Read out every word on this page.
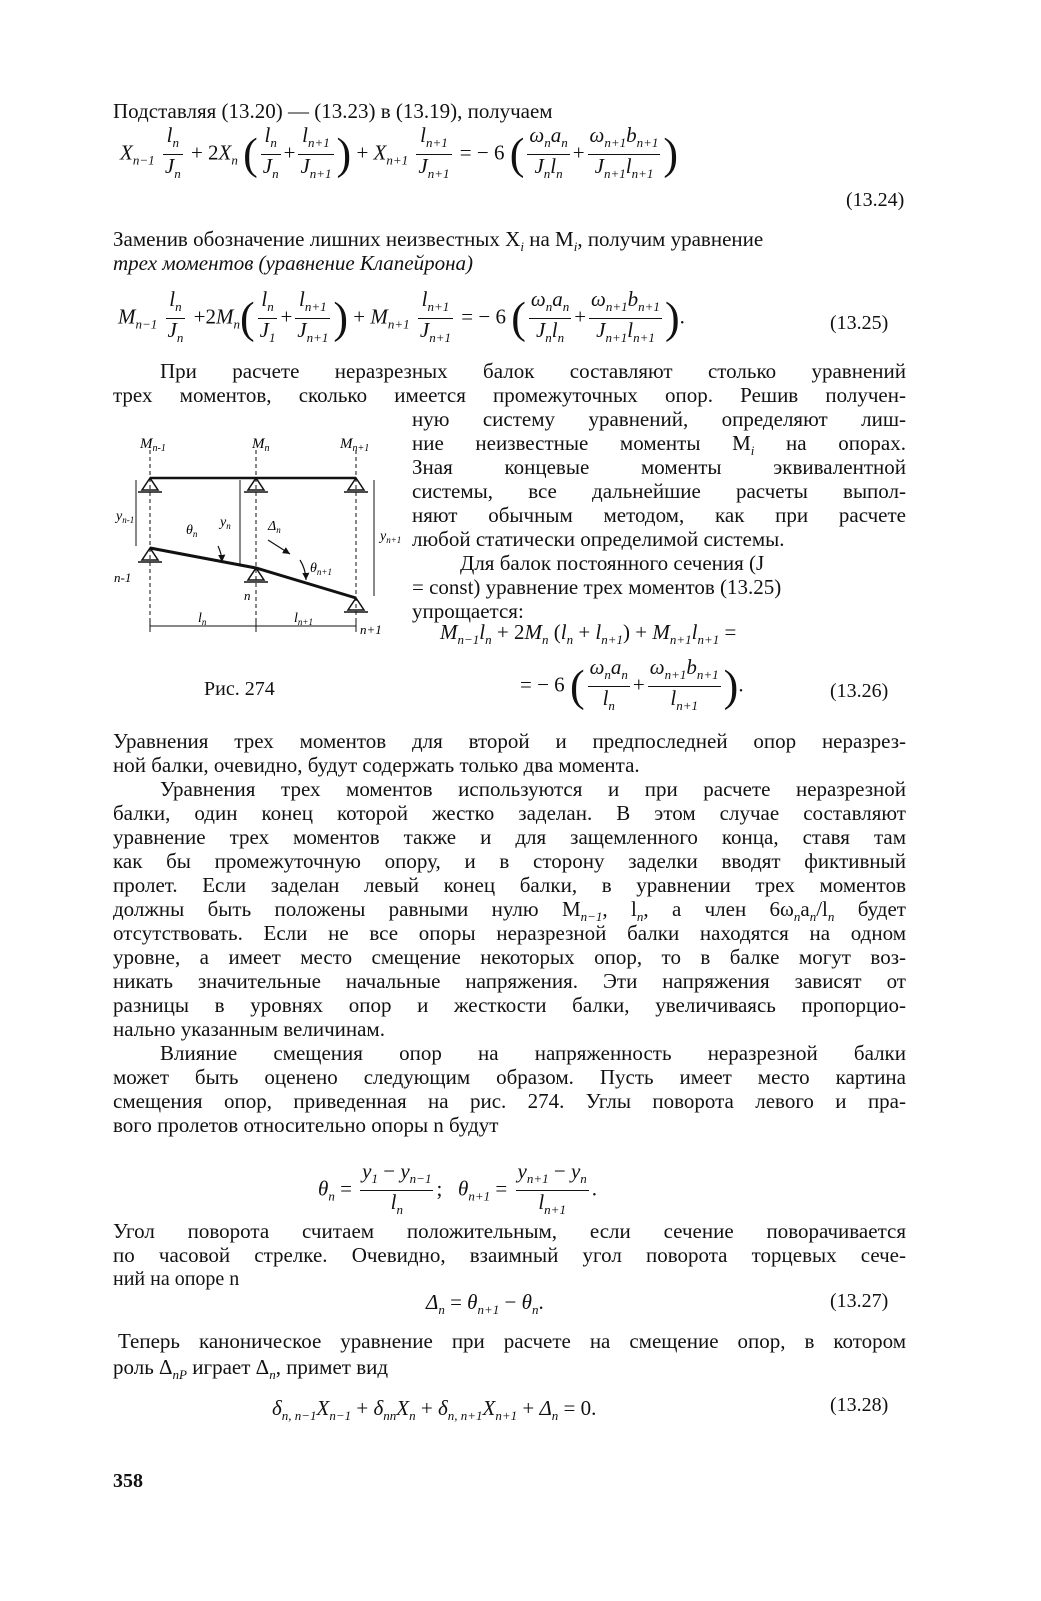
Подставляя (13.20) — (13.23) в (13.19), получаем
$X_{n-1} \frac{l_n}{J_n} + 2X_n$ ( $\frac{l_n}{J_n} + \frac{l_{n+1}}{J_{n+1}}$ ) + $X_{n+1} \frac{l_{n+1}}{J_{n+1}}$ = − 6 ( $\frac{\omega_na_n}{J_nl_n} + \frac{\omega_{n+1}b_{n+1}}{J_{n+1}l_{n+1}}$ )
(13.24)
Заменив обозначение лишних неизвестных $X_i$ на $M_i$, получим уравнение
трех моментов (уравнение Клапейрона)
$M_{n-1} \frac{l_n}{J_n} +2M_n( \frac{l_n}{J_1} + \frac{l_{n+1}}{J_{n+1}}$ ) + $M_{n+1} \frac{l_{n+1}}{J_{n+1}}$ = − 6 ( $\frac{\omega_na_n}{J_nl_n} + \frac{\omega_{n+1}b_{n+1}}{J_{n+1}l_{n+1}}$ ).	(13.25)
При расчете неразрезных балок составляют столько уравнений
трех моментов, сколько имеется промежуточных опор. Решив получен-
ную систему уравнений, определяют лиш-
ние неизвестные моменты $M_i$ на опорах.
Зная концевые моменты эквивалентной
системы, все дальнейшие расчеты выпол-
няют обычным методом, как при расчете
любой статически определимой системы.
Для балок постоянного сечения (J
= const) уравнение трех моментов (13.25)
упрощается:
$M_{n-1}$	$M_n$	$M_{n+1}$
$y_{n-1}$	$y_n$
$y_{n+1}$
$\theta_n$
$\theta_{n+1}$
$\Delta_n$
n-1
n
n+1
$l_n$	$l_{n+1}$
Рис. 274
$M_{n-1}l_n + 2M_n$ $(l_n + l_{n+1}) + M_{n+1}l_{n+1}$ =
= − 6 ( $\frac{\omega_na_n}{l_n} + \frac{\omega_{n+1}b_{n+1}}{l_{n+1}}$ ).	(13.26)
Уравнения трех моментов для второй и предпоследней опор неразрез-
ной балки, очевидно, будут содержать только два момента.
Уравнения трех моментов используются и при расчете неразрезной
балки, один конец которой жестко заделан. В этом случае составляют
уравнение трех моментов также и для защемленного конца, ставя там
как бы промежуточную опору, и в сторону заделки вводят фиктивный
пролет. Если заделан левый конец балки, в уравнении трех моментов
должны быть положены равными нулю $M_{n-1}$, $l_n$, а член $6\omega_na_n/l_n$ будет
отсутствовать. Если не все опоры неразрезной балки находятся на одном
уровне, а имеет место смещение некоторых опор, то в балке могут воз-
никать значительные начальные напряжения. Эти напряжения зависят от
разницы в уровнях опор и жесткости балки, увеличиваясь пропорцио-
нально указанным величинам.
Влияние смещения опор на напряженность неразрезной балки
может быть оценено следующим образом. Пусть имеет место картина
смещения опор, приведенная на рис. 274. Углы поворота левого и пра-
вого пролетов относительно опоры n будут
$\theta_n = \frac{y_1 - y_{n-1}}{l_n}$ ;   $\theta_{n+1} = \frac{y_{n+1} - y_n}{l_{n+1}}$ .
Угол поворота считаем положительным, если сечение поворачивается
по часовой стрелке. Очевидно, взаимный угол поворота торцевых сече-
ний на опоре n
$\Delta_n = \theta_{n+1} - \theta_n$.	(13.27)
Теперь каноническое уравнение при расчете на смещение опор, в котором
роль $\Delta_{nP}$ играет $\Delta_n$, примет вид
$\delta_{n, n-1}X_{n-1} + \delta_{nn}X_n + \delta_{n, n+1}X_{n+1} + \Delta_n = 0$.	(13.28)
358
